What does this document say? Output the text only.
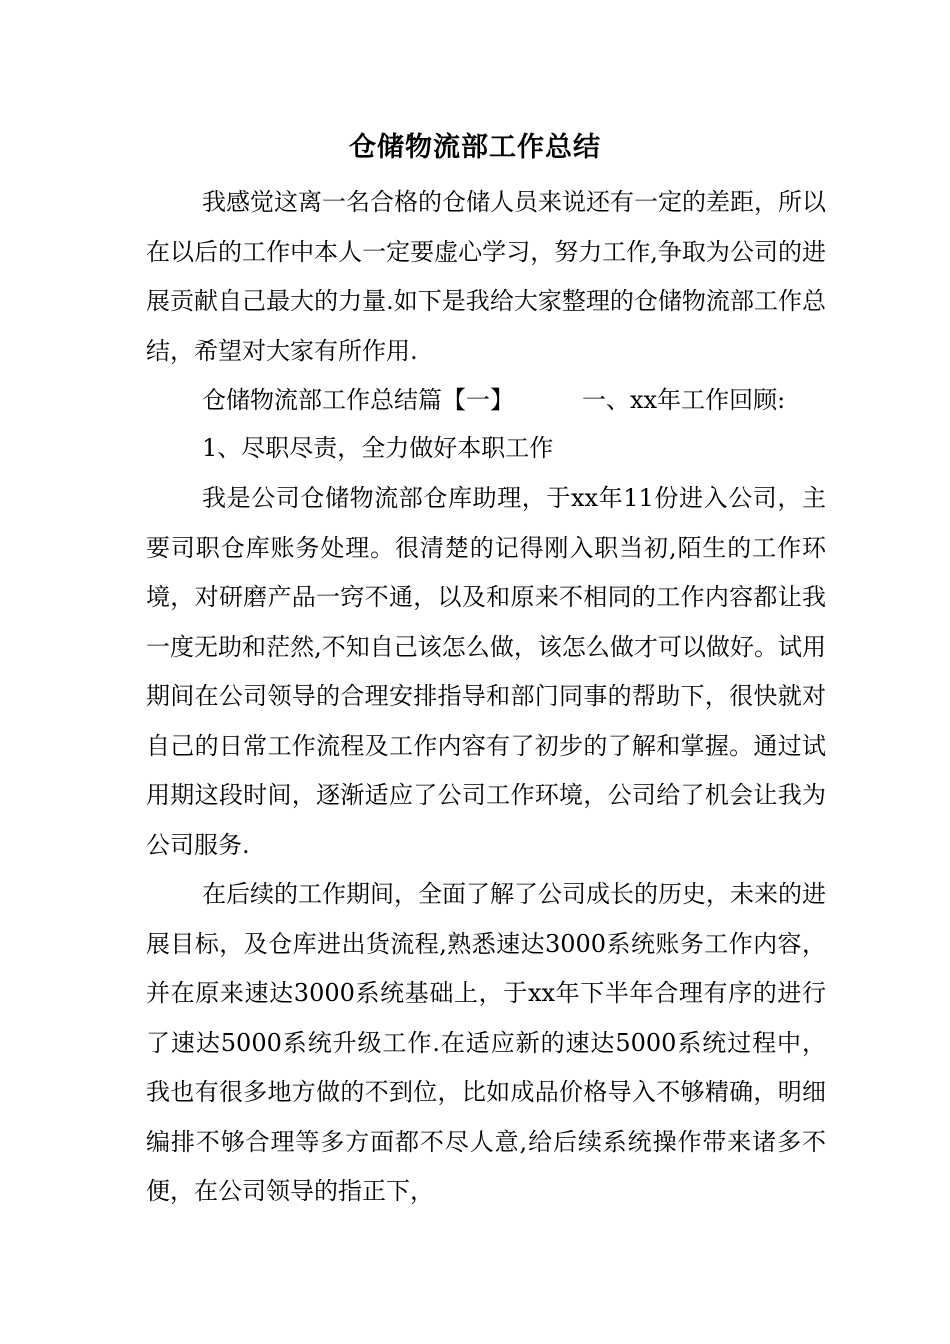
仓储物流部工作总结

我感觉这离一名合格的仓储人员来说还有一定的差距，所以在以后的工作中本人一定要虚心学习，努力工作,争取为公司的进展贡献自己最大的力量.如下是我给大家整理的仓储物流部工作总结，希望对大家有所作用.

仓储物流部工作总结篇【一】	一、xx年工作回顾:

1、尽职尽责，全力做好本职工作

我是公司仓储物流部仓库助理，于xx年11份进入公司，主要司职仓库账务处理。很清楚的记得刚入职当初,陌生的工作环境，对研磨产品一窍不通，以及和原来不相同的工作内容都让我一度无助和茫然,不知自己该怎么做，该怎么做才可以做好。试用期间在公司领导的合理安排指导和部门同事的帮助下，很快就对自己的日常工作流程及工作内容有了初步的了解和掌握。通过试用期这段时间，逐渐适应了公司工作环境，公司给了机会让我为公司服务.

在后续的工作期间，全面了解了公司成长的历史，未来的进展目标，及仓库进出货流程,熟悉速达3000系统账务工作内容，并在原来速达3000系统基础上，于xx年下半年合理有序的进行了速达5000系统升级工作.在适应新的速达5000系统过程中，我也有很多地方做的不到位，比如成品价格导入不够精确，明细编排不够合理等多方面都不尽人意,给后续系统操作带来诸多不便，在公司领导的指正下，
